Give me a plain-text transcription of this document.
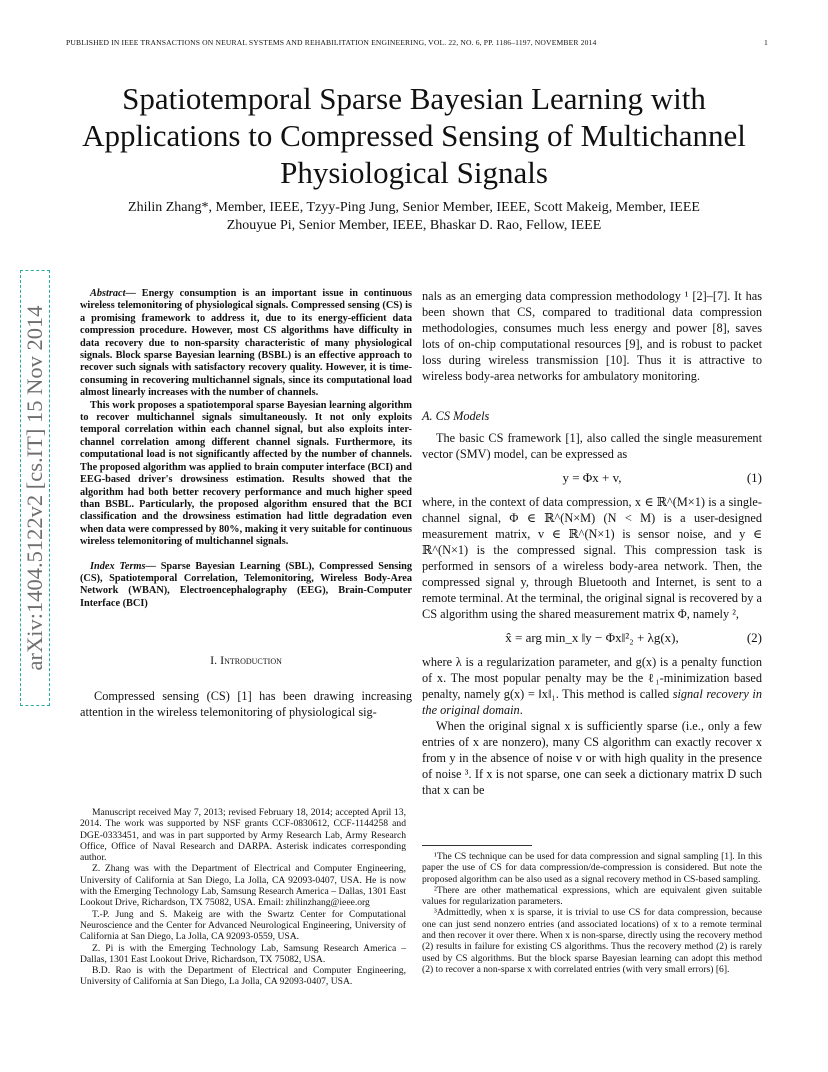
PUBLISHED IN IEEE TRANSACTIONS ON NEURAL SYSTEMS AND REHABILITATION ENGINEERING, VOL. 22, NO. 6, PP. 1186–1197, NOVEMBER 2014	1
Spatiotemporal Sparse Bayesian Learning with Applications to Compressed Sensing of Multichannel Physiological Signals
Zhilin Zhang*, Member, IEEE, Tzyy-Ping Jung, Senior Member, IEEE, Scott Makeig, Member, IEEE
Zhouyue Pi, Senior Member, IEEE, Bhaskar D. Rao, Fellow, IEEE
arXiv:1404.5122v2 [cs.IT] 15 Nov 2014

Abstract— Energy consumption is an important issue in continuous wireless telemonitoring of physiological signals. Compressed sensing (CS) is a promising framework to address it, due to its energy-efficient data compression procedure. However, most CS algorithms have difficulty in data recovery due to non-sparsity characteristic of many physiological signals. Block sparse Bayesian learning (BSBL) is an effective approach to recover such signals with satisfactory recovery quality. However, it is time-consuming in recovering multichannel signals, since its computational load almost linearly increases with the number of channels.

This work proposes a spatiotemporal sparse Bayesian learning algorithm to recover multichannel signals simultaneously. It not only exploits temporal correlation within each channel signal, but also exploits inter-channel correlation among different channel signals. Furthermore, its computational load is not significantly affected by the number of channels. The proposed algorithm was applied to brain computer interface (BCI) and EEG-based driver's drowsiness estimation. Results showed that the algorithm had both better recovery performance and much higher speed than BSBL. Particularly, the proposed algorithm ensured that the BCI classification and the drowsiness estimation had little degradation even when data were compressed by 80%, making it very suitable for continuous wireless telemonitoring of multichannel signals.

Index Terms— Sparse Bayesian Learning (SBL), Compressed Sensing (CS), Spatiotemporal Correlation, Telemonitoring, Wireless Body-Area Network (WBAN), Electroencephalography (EEG), Brain-Computer Interface (BCI)

I. Introduction

Compressed sensing (CS) [1] has been drawing increasing attention in the wireless telemonitoring of physiological sig-

Manuscript received May 7, 2013; revised February 18, 2014; accepted April 13, 2014. The work was supported by NSF grants CCF-0830612, CCF-1144258 and DGE-0333451, and was in part supported by Army Research Lab, Army Research Office, Office of Naval Research and DARPA. Asterisk indicates corresponding author.

Z. Zhang was with the Department of Electrical and Computer Engineering, University of California at San Diego, La Jolla, CA 92093-0407, USA. He is now with the Emerging Technology Lab, Samsung Research America – Dallas, 1301 East Lookout Drive, Richardson, TX 75082, USA. Email: zhilinzhang@ieee.org

T.-P. Jung and S. Makeig are with the Swartz Center for Computational Neuroscience and the Center for Advanced Neurological Engineering, University of California at San Diego, La Jolla, CA 92093-0559, USA.

Z. Pi is with the Emerging Technology Lab, Samsung Research America – Dallas, 1301 East Lookout Drive, Richardson, TX 75082, USA.

B.D. Rao is with the Department of Electrical and Computer Engineering, University of California at San Diego, La Jolla, CA 92093-0407, USA.

nals as an emerging data compression methodology ¹ [2]–[7]. It has been shown that CS, compared to traditional data compression methodologies, consumes much less energy and power [8], saves lots of on-chip computational resources [9], and is robust to packet loss during wireless transmission [10]. Thus it is attractive to wireless body-area networks for ambulatory monitoring.

A. CS Models

The basic CS framework [1], also called the single measurement vector (SMV) model, can be expressed as

y = Φx + v,	(1)

where, in the context of data compression, x ∈ ℝ^(M×1) is a single-channel signal, Φ ∈ ℝ^(N×M) (N < M) is a user-designed measurement matrix, v ∈ ℝ^(N×1) is sensor noise, and y ∈ ℝ^(N×1) is the compressed signal. This compression task is performed in sensors of a wireless body-area network. Then, the compressed signal y, through Bluetooth and Internet, is sent to a remote terminal. At the terminal, the original signal is recovered by a CS algorithm using the shared measurement matrix Φ, namely ²,

x̂ = arg min_x ‖y − Φx‖²₂ + λg(x),	(2)

where λ is a regularization parameter, and g(x) is a penalty function of x. The most popular penalty may be the ℓ₁-minimization based penalty, namely g(x) = ‖x‖₁. This method is called signal recovery in the original domain.

When the original signal x is sufficiently sparse (i.e., only a few entries of x are nonzero), many CS algorithm can exactly recover x from y in the absence of noise v or with high quality in the presence of noise ³. If x is not sparse, one can seek a dictionary matrix D such that x can be

¹The CS technique can be used for data compression and signal sampling [1]. In this paper the use of CS for data compression/de-compression is considered. But note the proposed algorithm can be also used as a signal recovery method in CS-based sampling.

²There are other mathematical expressions, which are equivalent given suitable values for regularization parameters.

³Admittedly, when x is sparse, it is trivial to use CS for data compression, because one can just send nonzero entries (and associated locations) of x to a remote terminal and then recover it over there. When x is non-sparse, directly using the recovery method (2) results in failure for existing CS algorithms. Thus the recovery method (2) is rarely used by CS algorithms. But the block sparse Bayesian learning can adopt this method (2) to recover a non-sparse x with correlated entries (with very small errors) [6].
